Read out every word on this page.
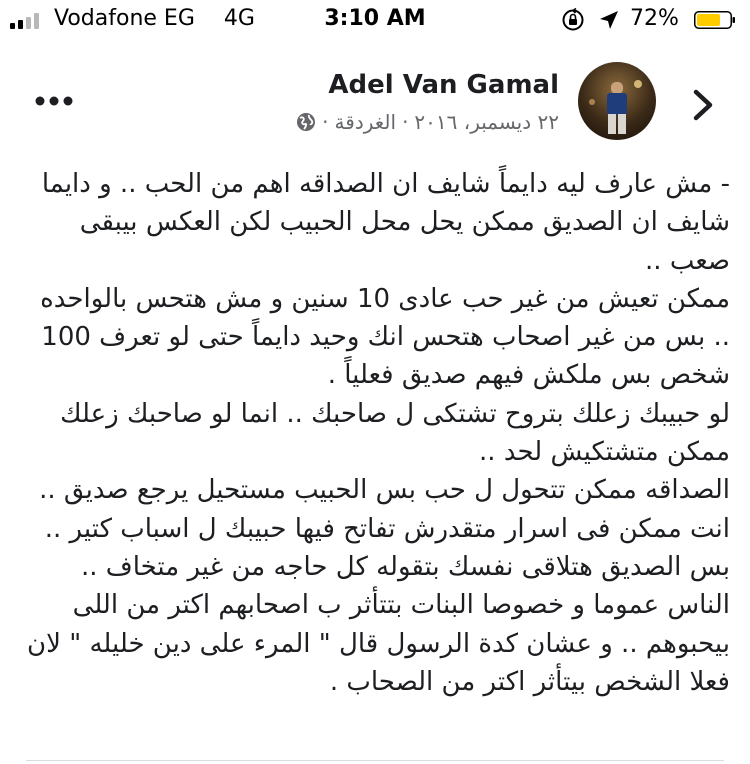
Vodafone EG 4G	3:10 AM	72%
Adel Van Gamal
٢٢ ديسمبر، ٢٠١٦
·
الغردقة
·

- مش عارف ليه دايماً شايف ان الصداقه اهم من الحب .. و دايما شايف ان الصديق ممكن يحل محل الحبيب لكن العكس بيبقى صعب ..

ممكن تعيش من غير حب عادى 10 سنين و مش هتحس بالواحده .. بس من غير اصحاب هتحس انك وحيد دايماً حتى لو تعرف 100 شخص بس ملكش فيهم صديق فعلياً .

لو حبيبك زعلك بتروح تشتكى ل صاحبك .. انما لو صاحبك زعلك ممكن متشتكيش لحد ..

الصداقه ممكن تتحول ل حب بس الحبيب مستحيل يرجع صديق ..

انت ممكن فى اسرار متقدرش تفاتح فيها حبيبك ل اسباب كتير .. بس الصديق هتلاقى نفسك بتقوله كل حاجه من غير متخاف ..

الناس عموما و خصوصا البنات بتتأثر ب اصحابهم اكتر من اللى بيحبوهم .. و عشان كدة الرسول قال " المرء على دين خليله " لان فعلا الشخص بيتأثر اكتر من الصحاب .
